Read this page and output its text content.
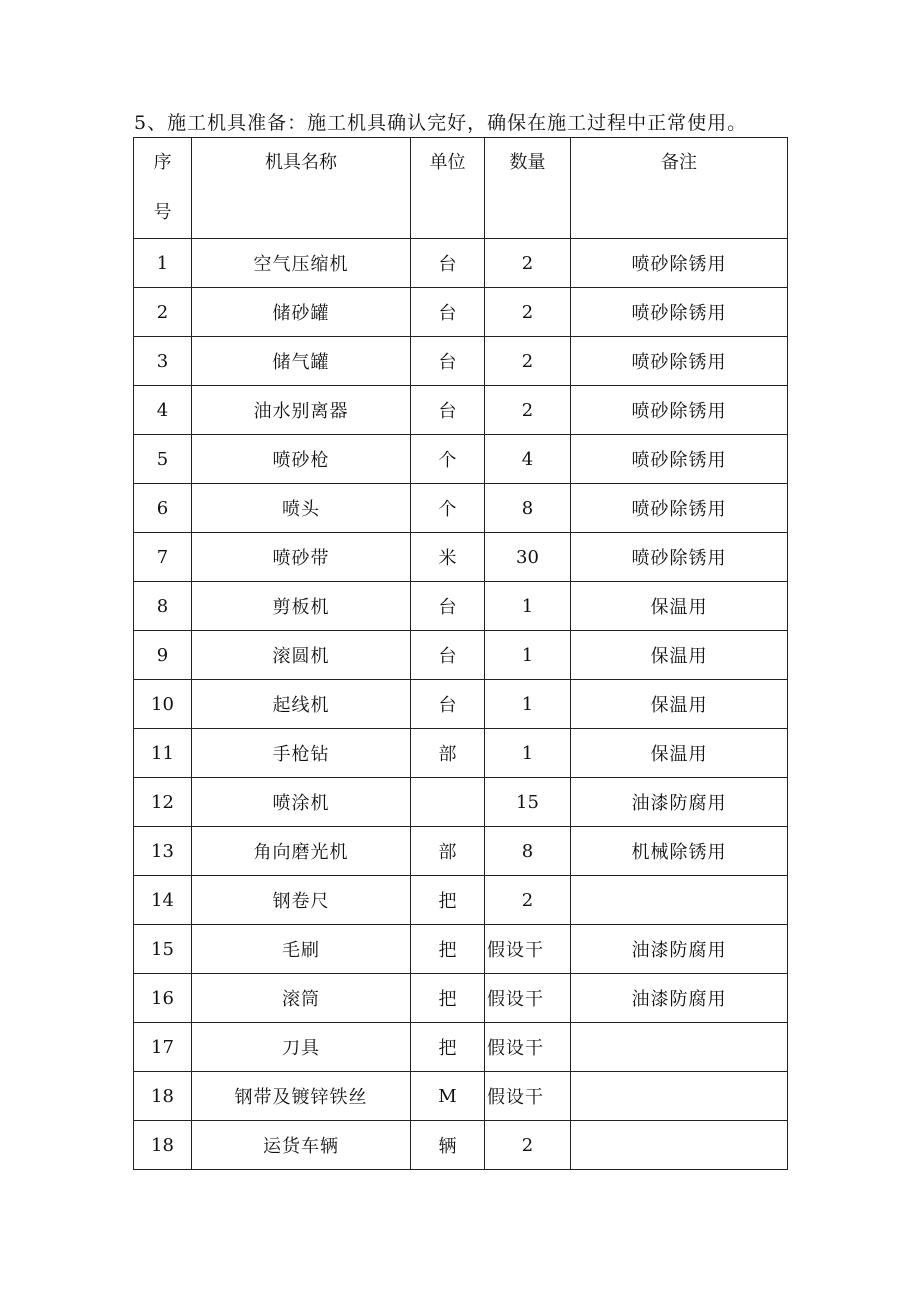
5、施工机具准备：施工机具确认完好，确保在施工过程中正常使用。
序号	机具名称	单位	数量	备注

1	空气压缩机	台	2	喷砂除锈用
2	储砂罐	台	2	喷砂除锈用
3	储气罐	台	2	喷砂除锈用
4	油水别离器	台	2	喷砂除锈用
5	喷砂枪	个	4	喷砂除锈用
6	喷头	个	8	喷砂除锈用
7	喷砂带	米	30	喷砂除锈用
8	剪板机	台	1	保温用
9	滚圆机	台	1	保温用
10	起线机	台	1	保温用
11	手枪钻	部	1	保温用
12	喷涂机		15	油漆防腐用
13	角向磨光机	部	8	机械除锈用
14	钢卷尺	把	2	
15	毛刷	把	假设干	油漆防腐用
16	滚筒	把	假设干	油漆防腐用
17	刀具	把	假设干	
18	钢带及镀锌铁丝	M	假设干	
18	运货车辆	辆	2	
